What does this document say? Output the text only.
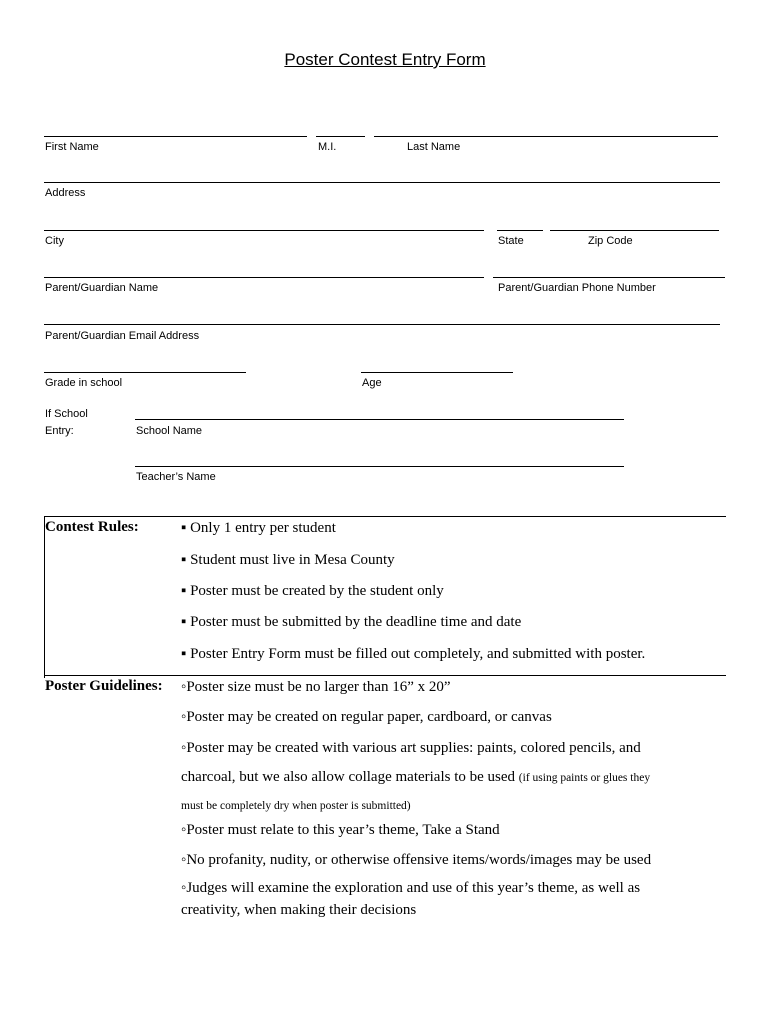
Poster Contest Entry Form
First Name	M.I.	Last Name
Address
City	State	Zip Code
Parent/Guardian Name	Parent/Guardian Phone Number
Parent/Guardian Email Address
Grade in school	Age
If School
Entry:	School Name
Teacher’s Name
Contest Rules:	▪ Only 1 entry per student
▪ Student must live in Mesa County
▪ Poster must be created by the student only
▪ Poster must be submitted by the deadline time and date
▪ Poster Entry Form must be filled out completely, and submitted with poster.
Poster Guidelines: ◦Poster size must be no larger than 16” x 20”
◦Poster may be created on regular paper, cardboard, or canvas
◦Poster may be created with various art supplies: paints, colored pencils, and
charcoal, but we also allow collage materials to be used (if using paints or glues they
must be completely dry when poster is submitted)
◦Poster must relate to this year’s theme, Take a Stand
◦No profanity, nudity, or otherwise offensive items/words/images may be used
◦Judges will examine the exploration and use of this year’s theme, as well as
creativity, when making their decisions
